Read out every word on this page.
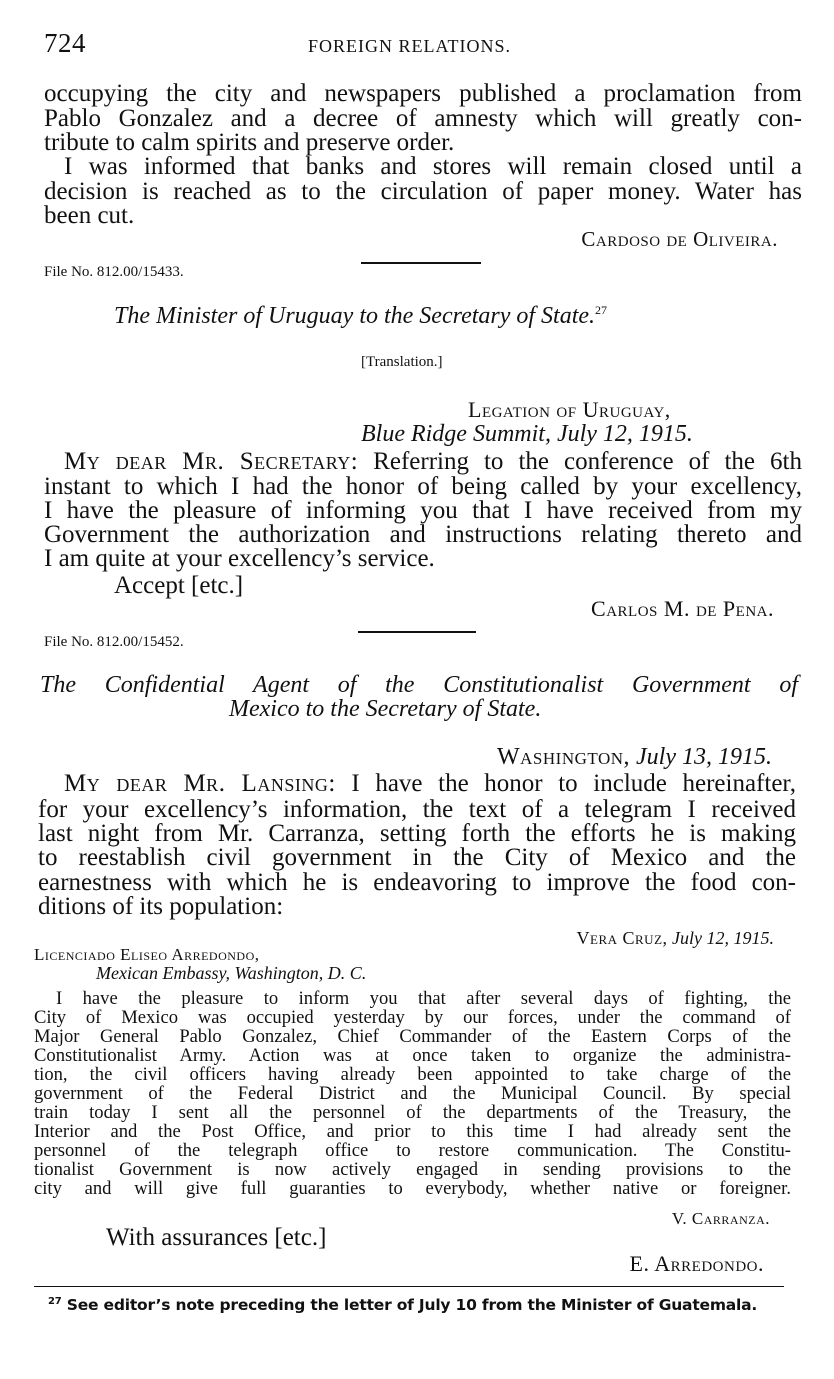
724	FOREIGN RELATIONS.
occupying the city and newspapers published a proclamation from
Pablo Gonzalez and a decree of amnesty which will greatly con-
tribute to calm spirits and preserve order.
I was informed that banks and stores will remain closed until a
decision is reached as to the circulation of paper money. Water has
been cut.
Cardoso de Oliveira.
File No. 812.00/15433.
The Minister of Uruguay to the Secretary of State.$^{27}$
[Translation.]
Legation of Uruguay,
Blue Ridge Summit, July 12, 1915.
My dear Mr. Secretary: Referring to the conference of the 6th
instant to which I had the honor of being called by your excellency,
I have the pleasure of informing you that I have received from my
Government the authorization and instructions relating thereto and
I am quite at your excellency’s service.
Accept [etc.]
Carlos M. de Pena.
File No. 812.00/15452.
The Confidential Agent of the Constitutionalist Government of
Mexico to the Secretary of State.
Washington, July 13, 1915.
My dear Mr. Lansing: I have the honor to include hereinafter,
for your excellency’s information, the text of a telegram I received
last night from Mr. Carranza, setting forth the efforts he is making
to reestablish civil government in the City of Mexico and the
earnestness with which he is endeavoring to improve the food con-
ditions of its population:
Vera Cruz, July 12, 1915.
Licenciado Eliseo Arredondo,
Mexican Embassy, Washington, D. C.
I have the pleasure to inform you that after several days of fighting, the
City of Mexico was occupied yesterday by our forces, under the command of
Major General Pablo Gonzalez, Chief Commander of the Eastern Corps of the
Constitutionalist Army. Action was at once taken to organize the administra-
tion, the civil officers having already been appointed to take charge of the
government of the Federal District and the Municipal Council. By special
train today I sent all the personnel of the departments of the Treasury, the
Interior and the Post Office, and prior to this time I had already sent the
personnel of the telegraph office to restore communication. The Constitu-
tionalist Government is now actively engaged in sending provisions to the
city and will give full guaranties to everybody, whether native or foreigner.
V. Carranza.
With assurances [etc.]
E. Arredondo.
$^{27}$ See editor’s note preceding the letter of July 10 from the Minister of Guatemala.
